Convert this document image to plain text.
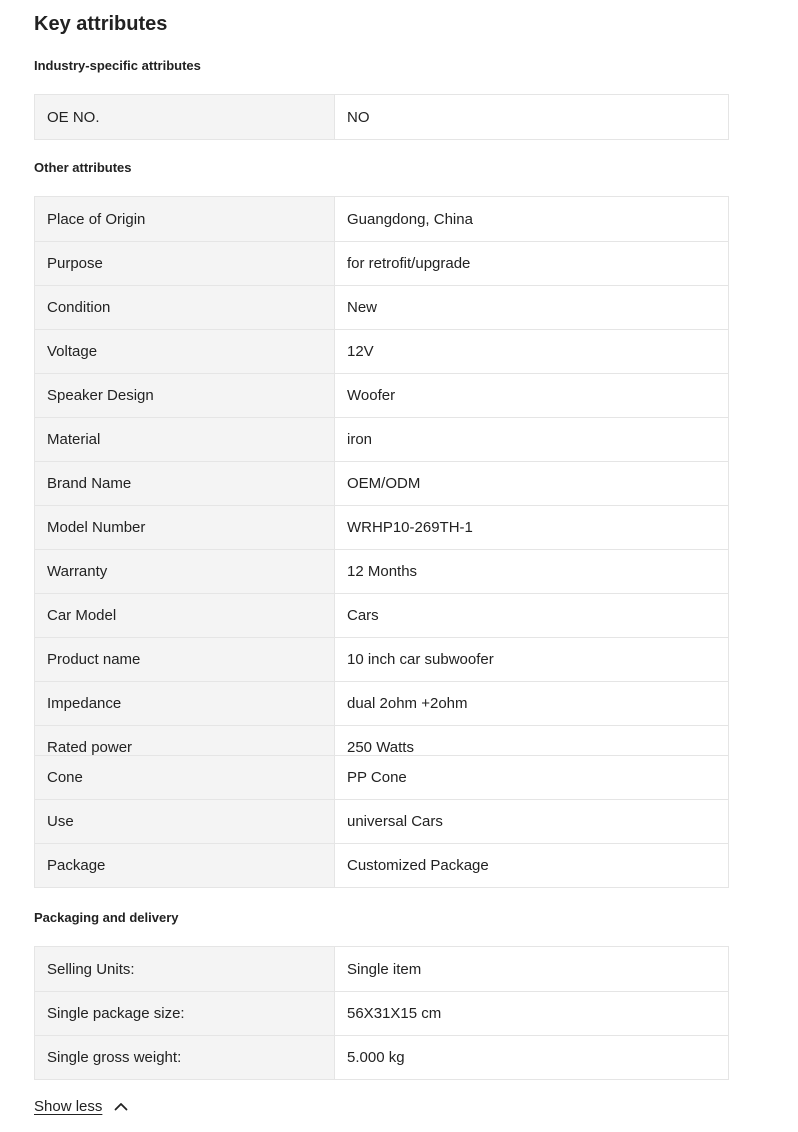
Key attributes
Industry-specific attributes
OE NO.	NO
Other attributes
Place of Origin	Guangdong, China
Purpose	for retrofit/upgrade
Condition	New
Voltage	12V
Speaker Design	Woofer
Material	iron
Brand Name	OEM/ODM
Model Number	WRHP10-269TH-1
Warranty	12 Months
Car Model	Cars
Product name	10 inch car subwoofer
Impedance	dual 2ohm +2ohm
Rated power	250 Watts
Cone	PP Cone
Use	universal Cars
Package	Customized Package
Packaging and delivery
Selling Units:	Single item
Single package size:	56X31X15 cm
Single gross weight:	5.000 kg
Show less
